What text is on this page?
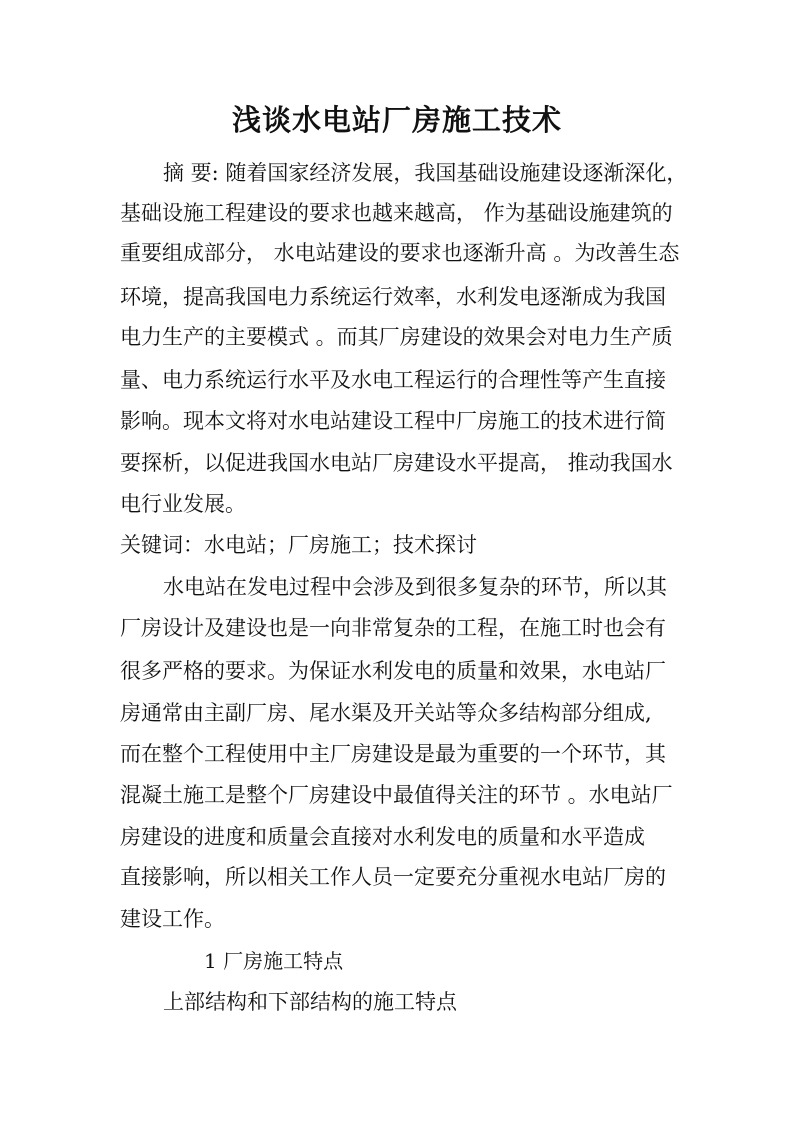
浅谈水电站厂房施工技术

摘 要: 随着国家经济发展，我国基础设施建设逐渐深化，

基础设施工程建设的要求也越来越高， 作为基础设施建筑的

重要组成部分， 水电站建设的要求也逐渐升高 。为改善生态

环境，提高我国电力系统运行效率，水利发电逐渐成为我国

电力生产的主要模式 。而其厂房建设的效果会对电力生产质

量、电力系统运行水平及水电工程运行的合理性等产生直接

影响。现本文将对水电站建设工程中厂房施工的技术进行简

要探析，以促进我国水电站厂房建设水平提高， 推动我国水

电行业发展。

关键词：水电站；厂房施工；技术探讨

水电站在发电过程中会涉及到很多复杂的环节，所以其

厂房设计及建设也是一向非常复杂的工程，在施工时也会有

很多严格的要求。为保证水利发电的质量和效果，水电站厂

房通常由主副厂房、尾水渠及开关站等众多结构部分组成,

而在整个工程使用中主厂房建设是最为重要的一个环节，其

混凝土施工是整个厂房建设中最值得关注的环节 。水电站厂

房建设的进度和质量会直接对水利发电的质量和水平造成

直接影响，所以相关工作人员一定要充分重视水电站厂房的

建设工作。

1 厂房施工特点

上部结构和下部结构的施工特点
